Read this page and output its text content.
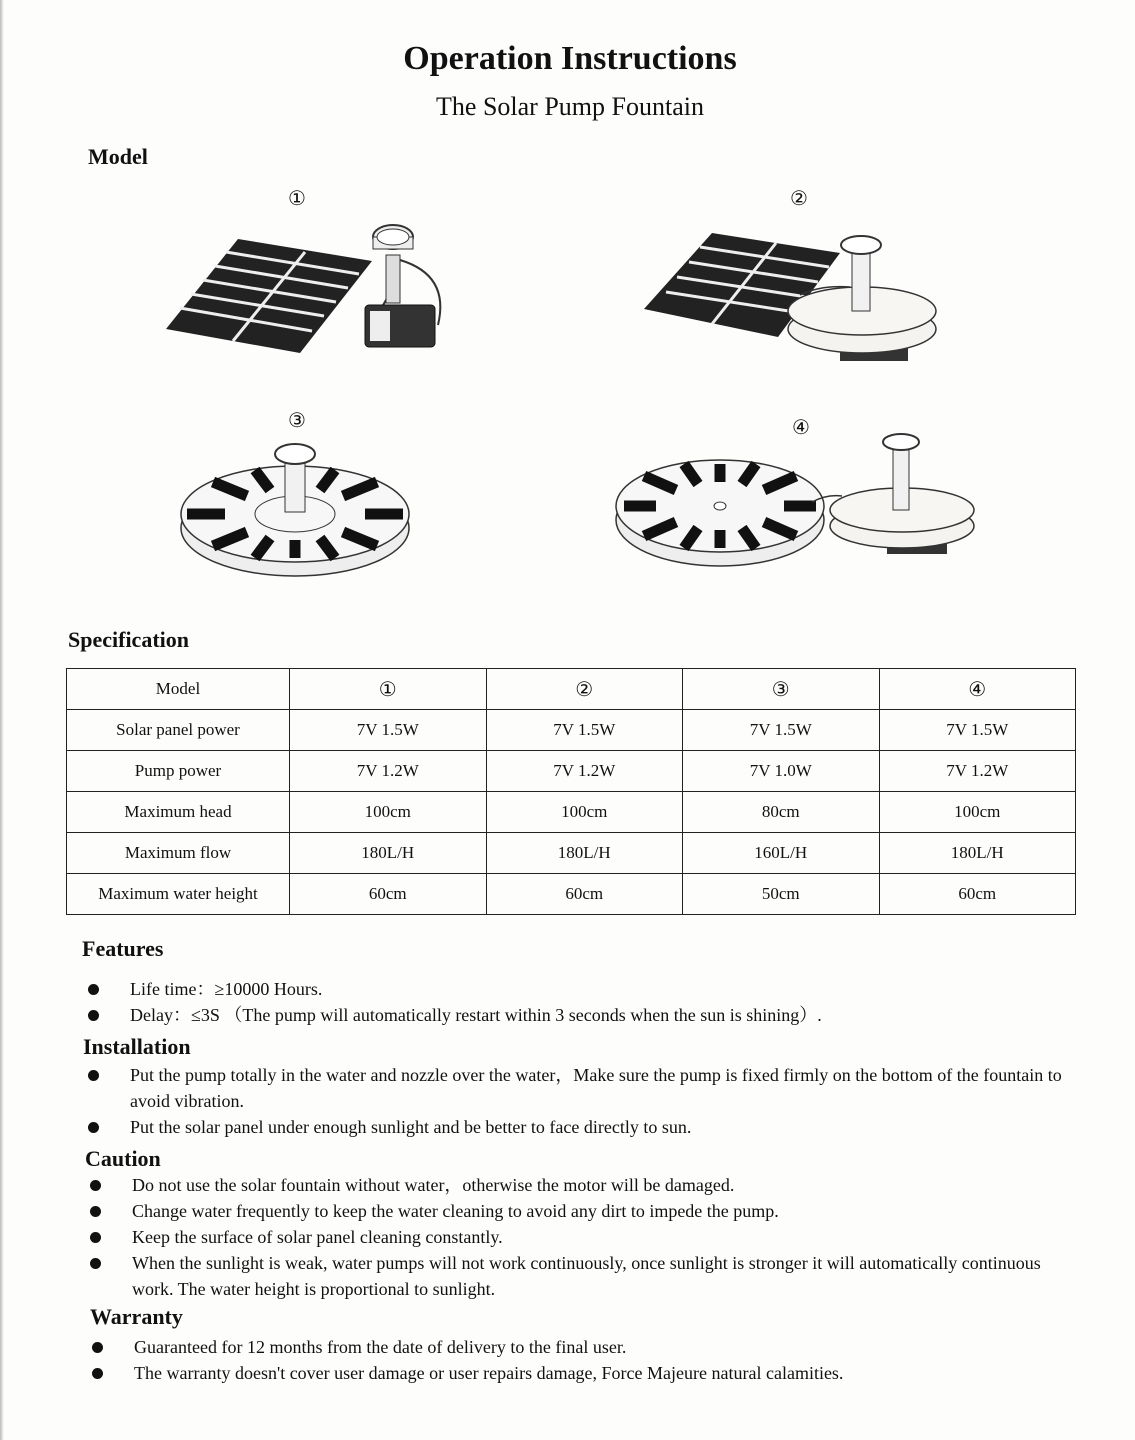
Operation Instructions
The Solar Pump Fountain
Model
①	②
③	④
Specification
Model	①	②	③	④
Solar panel power	7V 1.5W	7V 1.5W	7V 1.5W	7V 1.5W
Pump power	7V 1.2W	7V 1.2W	7V 1.0W	7V 1.2W
Maximum head	100cm	100cm	80cm	100cm
Maximum flow	180L/H	180L/H	160L/H	180L/H
Maximum water height	60cm	60cm	50cm	60cm
Features
Life time：≥10000 Hours.
Delay：≤3S （The pump will automatically restart within 3 seconds when the sun is shining）.
Installation
Put the pump totally in the water and nozzle over the water，Make sure the pump is fixed firmly on the bottom of the fountain to avoid vibration.
Put the solar panel under enough sunlight and be better to face directly to sun.
Caution
Do not use the solar fountain without water，otherwise the motor will be damaged.
Change water frequently to keep the water cleaning to avoid any dirt to impede the pump.
Keep the surface of solar panel cleaning constantly.
When the sunlight is weak, water pumps will not work continuously, once sunlight is stronger it will automatically continuous work. The water height is proportional to sunlight.
Warranty
Guaranteed for 12 months from the date of delivery to the final user.
The warranty doesn't cover user damage or user repairs damage, Force Majeure natural calamities.
